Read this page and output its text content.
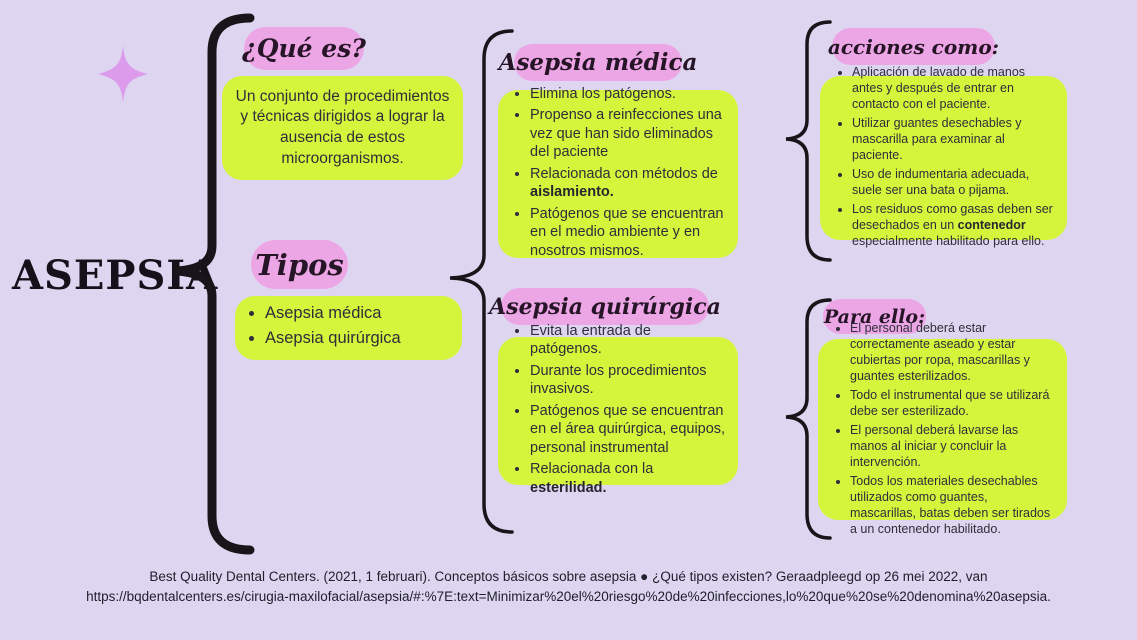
ASEPSIA
¿Qué es?
Un conjunto de procedimientos y técnicas dirigidos a lograr la ausencia de estos microorganismos.
Tipos
• Asepsia médica
• Asepsia quirúrgica
Asepsia médica
• Elimina los patógenos.
• Propenso a reinfecciones una vez que han sido eliminados del paciente
• Relacionada con métodos de aislamiento.
• Patógenos que se encuentran en el medio ambiente y en nosotros mismos.
Asepsia quirúrgica
• Evita la entrada de patógenos.
• Durante los procedimientos invasivos.
• Patógenos que se encuentran en el área quirúrgica, equipos, personal instrumental
• Relacionada con la esterilidad.
acciones como:
• Aplicación de lavado de manos antes y después de entrar en contacto con el paciente.
• Utilizar guantes desechables y mascarilla para examinar al paciente.
• Uso de indumentaria adecuada, suele ser una bata o pijama.
• Los residuos como gasas deben ser desechados en un contenedor especialmente habilitado para ello.
Para ello:
• El personal deberá estar correctamente aseado y estar cubiertas por ropa, mascarillas y guantes esterilizados.
• Todo el instrumental que se utilizará debe ser esterilizado.
• El personal deberá lavarse las manos al iniciar y concluir la intervención.
• Todos los materiales desechables utilizados como guantes, mascarillas, batas deben ser tirados a un contenedor habilitado.
Best Quality Dental Centers. (2021, 1 februari). Conceptos básicos sobre asepsia ● ¿Qué tipos existen? Geraadpleegd op 26 mei 2022, van
https://bqdentalcenters.es/cirugia-maxilofacial/asepsia/#:%7E:text=Minimizar%20el%20riesgo%20de%20infecciones,lo%20que%20se%20denomina%20asepsia.
